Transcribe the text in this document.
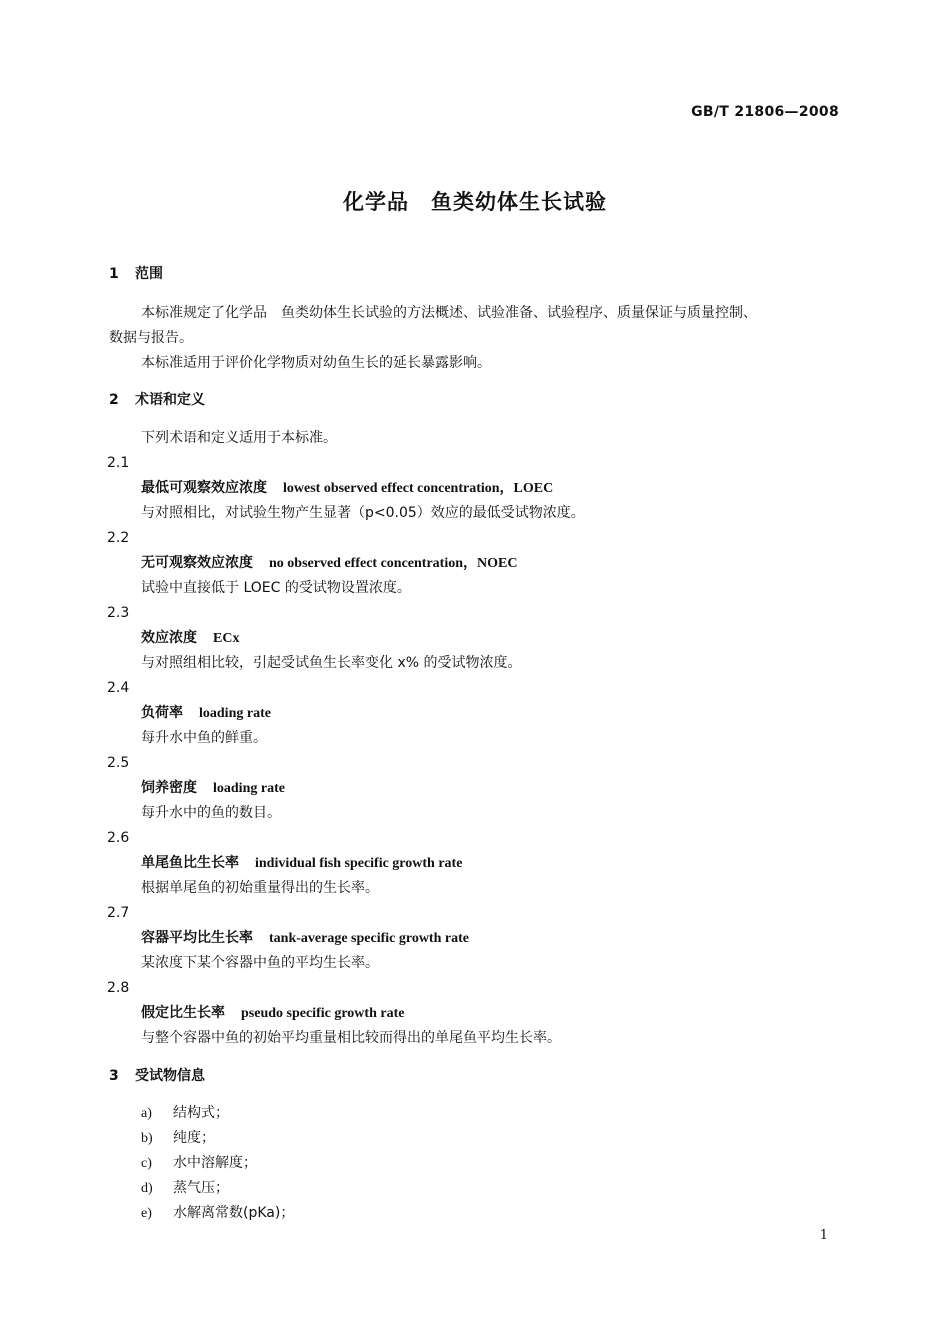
GB/T 21806—2008
化学品　鱼类幼体生长试验
1 范围
本标准规定了化学品　鱼类幼体生长试验的方法概述、试验准备、试验程序、质量保证与质量控制、
数据与报告。
本标准适用于评价化学物质对幼鱼生长的延长暴露影响。
2 术语和定义
下列术语和定义适用于本标准。
2.1
最低可观察效应浓度 lowest observed effect concentration，LOEC
与对照相比，对试验生物产生显著（p<0.05）效应的最低受试物浓度。
2.2
无可观察效应浓度 no observed effect concentration，NOEC
试验中直接低于 LOEC 的受试物设置浓度。
2.3
效应浓度 ECx
与对照组相比较，引起受试鱼生长率变化 x% 的受试物浓度。
2.4
负荷率 loading rate
每升水中鱼的鲜重。
2.5
饲养密度 loading rate
每升水中的鱼的数目。
2.6
单尾鱼比生长率 individual fish specific growth rate
根据单尾鱼的初始重量得出的生长率。
2.7
容器平均比生长率 tank-average specific growth rate
某浓度下某个容器中鱼的平均生长率。
2.8
假定比生长率 pseudo specific growth rate
与整个容器中鱼的初始平均重量相比较而得出的单尾鱼平均生长率。
3 受试物信息
a) 结构式；
b) 纯度；
c) 水中溶解度；
d) 蒸气压；
e) 水解离常数(pKa)；
1
